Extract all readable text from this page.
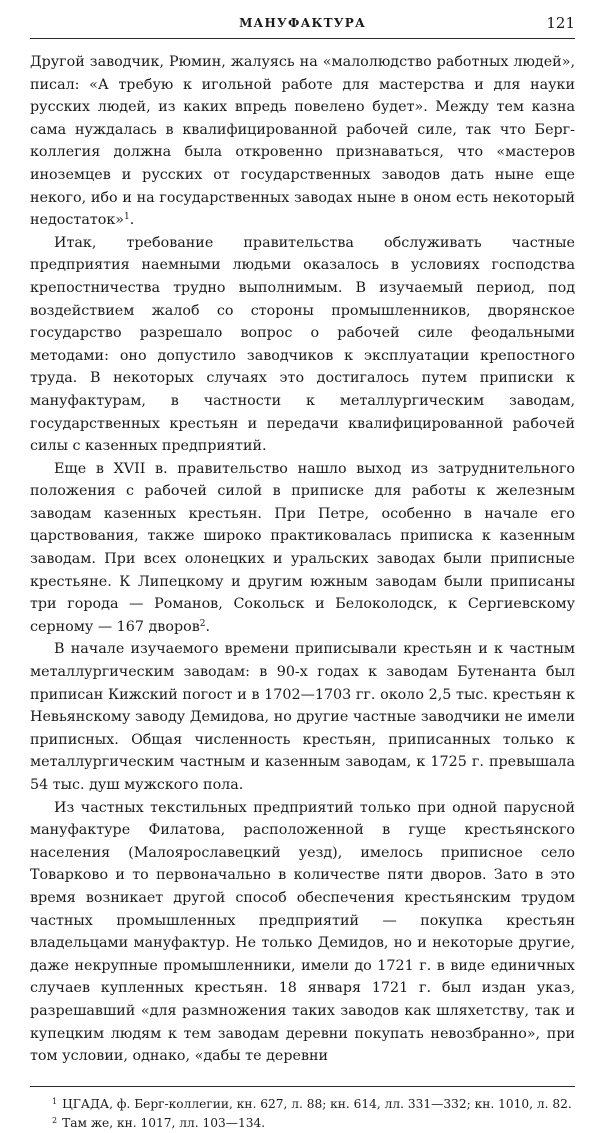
МАНУФАКТУРА	121

Другой заводчик, Рюмин, жалуясь на «малолюдство работных людей», писал: «А требую к игольной работе для мастерства и для науки русских людей, из каких впредь повелено будет». Между тем казна сама нуждалась в квалифицированной рабочей силе, так что Берг-коллегия должна была откровенно признаваться, что «мастеров иноземцев и русских от государственных заводов дать ныне еще некого, ибо и на государственных заводах ныне в оном есть некоторый недостаток»$^1$.

Итак, требование правительства обслуживать частные предприятия наемными людьми оказалось в условиях господства крепостничества трудно выполнимым. В изучаемый период, под воздействием жалоб со стороны промышленников, дворянское государство разрешало вопрос о рабочей силе феодальными методами: оно допустило заводчиков к эксплуатации крепостного труда. В некоторых случаях это достигалось путем приписки к мануфактурам, в частности к металлургическим заводам, государственных крестьян и передачи квалифицированной рабочей силы с казенных предприятий.

Еще в XVII в. правительство нашло выход из затруднительного положения с рабочей силой в приписке для работы к железным заводам казенных крестьян. При Петре, особенно в начале его царствования, также широко практиковалась приписка к казенным заводам. При всех олонецких и уральских заводах были приписные крестьяне. К Липецкому и другим южным заводам были приписаны три города — Романов, Сокольск и Белоколодск, к Сергиевскому серному — 167 дворов$^2$.

В начале изучаемого времени приписывали крестьян и к частным металлургическим заводам: в 90-х годах к заводам Бутенанта был приписан Кижский погост и в 1702—1703 гг. около 2,5 тыс. крестьян к Невьянскому заводу Демидова, но другие частные заводчики не имели приписных. Общая численность крестьян, приписанных только к металлургическим частным и казенным заводам, к 1725 г. превышала 54 тыс. душ мужского пола.

Из частных текстильных предприятий только при одной парусной мануфактуре Филатова, расположенной в гуще крестьянского населения (Малоярославецкий уезд), имелось приписное село Товарково и то первоначально в количестве пяти дворов. Зато в это время возникает другой способ обеспечения крестьянским трудом частных промышленных предприятий — покупка крестьян владельцами мануфактур. Не только Демидов, но и некоторые другие, даже некрупные промышленники, имели до 1721 г. в виде единичных случаев купленных крестьян. 18 января 1721 г. был издан указ, разрешавший «для размножения таких заводов как шляхетству, так и купецким людям к тем заводам деревни покупать невозбранно», при том условии, однако, «дабы те деревни

$^1$ ЦГАДА, ф. Берг-коллегии, кн. 627, л. 88; кн. 614, лл. 331—332; кн. 1010, л. 82.

$^2$ Там же, кн. 1017, лл. 103—134.
